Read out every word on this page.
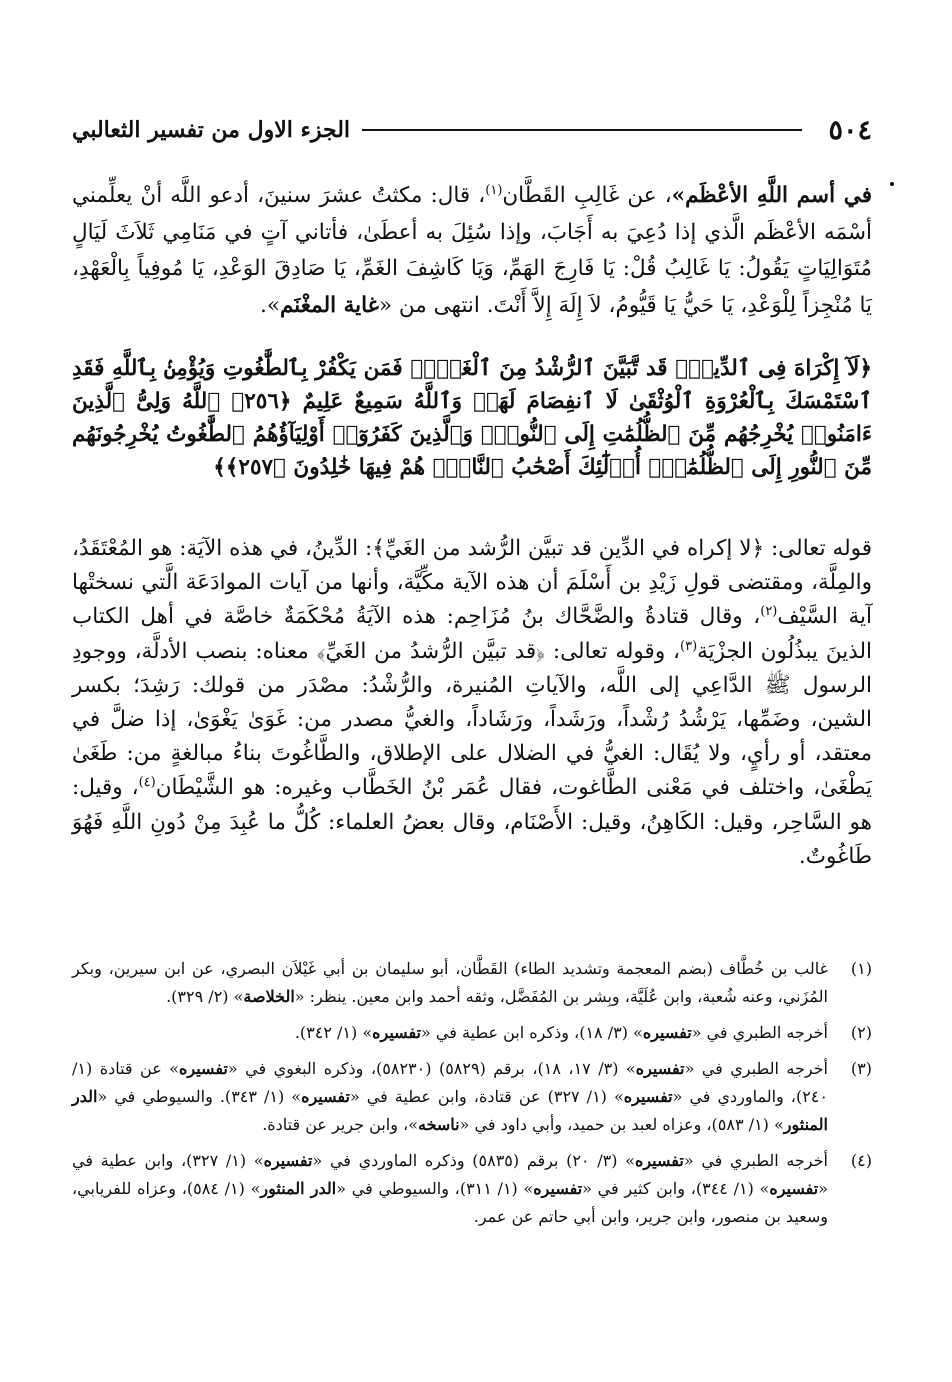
٥٠٤
الجزء الاول من تفسير الثعالبي
في أسم اللَّهِ الأعْظَم»، عن غَالِبِ القَطَّان$^{(١)}$، قال: مكثتُ عشرَ سنينَ، أدعو اللَّه أنْ يعلِّمني أسْمَه الأعْظَم الَّذي إذا دُعِيَ به أَجَابَ، وإذا سُئِلَ به أعطَىٰ، فأتاني آتٍ في مَنَامِي ثَلاَثَ لَيَالٍ مُتَوَالِيَاتٍ يَقُولُ: يَا غَالِبُ قُلْ: يَا فَارِجَ الهَمِّ، وَيَا كَاشِفَ الغَمِّ، يَا صَادِقَ الوَعْدِ، يَا مُوفِياً بِالْعَهْدِ، يَا مُنْجِزاً لِلْوَعْدِ، يَا حَيُّ يَا قَيُّومُ، لاَ إِلَهَ إِلاَّ أَنْتَ. انتهى من «غاية المغْنَم».
﴿لَآ إِكْرَاهَ فِى ٱلدِّينِۖ قَد تَّبَيَّنَ ٱلرُّشْدُ مِنَ ٱلْغَىِّۚ فَمَن يَكْفُرْ بِٱلطَّٰغُوتِ وَيُؤْمِنۢ بِٱللَّهِ فَقَدِ ٱسْتَمْسَكَ بِٱلْعُرْوَةِ ٱلْوُثْقَىٰ لَا ٱنفِصَامَ لَهَاۗ وَٱللَّهُ سَمِيعٌ عَلِيمٌ ﴿٢٥٦﴾ ٱللَّهُ وَلِىُّ ٱلَّذِينَ ءَامَنُوا۟ يُخْرِجُهُم مِّنَ ٱلظُّلُمَٰتِ إِلَى ٱلنُّورِۖ وَٱلَّذِينَ كَفَرُوٓا۟ أَوْلِيَآؤُهُمُ ٱلطَّٰغُوتُ يُخْرِجُونَهُم مِّنَ ٱلنُّورِ إِلَى ٱلظُّلُمَٰتِۗ أُو۟لَٰٓئِكَ أَصْحَٰبُ ٱلنَّارِۖ هُمْ فِيهَا خَٰلِدُونَ ﴿٢٥٧﴾﴾
قوله تعالى: ﴿لا إكراه في الدِّين قد تبيَّن الرُّشد من الغَيِّ﴾: الدِّينُ، في هذه الآيَة: هو المُعْتَقَدُ، والمِلَّة، ومقتضى قولِ زَيْدِ بن أَسْلَمَ أن هذه الآية مكِّيَّة، وأنها من آيات الموادَعَة الَّتي نسختْها آية السَّيْف$^{(٢)}$، وقال قتادةُ والضَّحَّاك بنُ مُزَاحِم: هذه الآيَةُ مُحْكَمَةٌ خاصَّة في أهل الكتاب الذينَ يبذُلُون الجزْيَة$^{(٣)}$، وقوله تعالى: ﴿قد تبيَّن الرُّشدُ من الغَيِّ﴾ معناه: بنصب الأدلَّة، ووجودِ الرسول ﷺ الدَّاعِي إلى اللَّه، والآياتِ المُنيرة، والرُّشْدُ: مصْدَر من قولك: رَشِدَ؛ بكسر الشين، وضَمِّها، يَرْشُدُ رُشْداً، ورَشَداً، ورَشَاداً، والغيُّ مصدر من: غَوَىٰ يَغْوَىٰ، إذا ضلَّ في معتقد، أو رأيٍ، ولا يُقَال: الغيُّ في الضلال على الإطلاق، والطَّاغُوتَ بناءُ مبالغةٍ من: طَغَىٰ يَطْغَىٰ، واختلف في مَعْنى الطَّاغوت، فقال عُمَر بْنُ الخَطَّاب وغيره: هو الشَّيْطَان$^{(٤)}$، وقيل: هو السَّاحِر، وقيل: الكَاهِنُ، وقيل: الأَصْنَام، وقال بعضُ العلماء: كُلُّ ما عُبِدَ مِنْ دُونِ اللَّهِ فَهُوَ طَاغُوتٌ.
(١)
غالب بن خُطَّاف (بضم المعجمة وتشديد الطاء) القَطَّان، أبو سليمان بن أبي غَيْلاَن البصري، عن ابن سيرين، وبكر المُزَني، وعنه شُعبة، وابن عُلَيَّة، وبِشر بن المُفَضَّل، وثقه أحمد وابن معين. ينظر: «الخلاصة» (٢/ ٣٢٩).
(٢)
أخرجه الطبري في «تفسيره» (٣/ ١٨)، وذكره ابن عطية في «تفسيره» (١/ ٣٤٢).
(٣)
أخرجه الطبري في «تفسيره» (٣/ ١٧، ١٨)، برقم (٥٨٢٩) (٥٨٢٣٠)، وذكره البغوي في «تفسيره» عن قتادة (١/ ٢٤٠)، والماوردي في «تفسيره» (١/ ٣٢٧) عن قتادة، وابن عطية في «تفسيره» (١/ ٣٤٣). والسيوطي في «الدر المنثور» (١/ ٥٨٣)، وعزاه لعبد بن حميد، وأبي داود في «ناسخه»، وابن جرير عن قتادة.
(٤)
أخرجه الطبري في «تفسيره» (٣/ ٢٠) برقم (٥٨٣٥) وذكره الماوردي في «تفسيره» (١/ ٣٢٧)، وابن عطية في «تفسيره» (١/ ٣٤٤)، وابن كثير في «تفسيره» (١/ ٣١١)، والسيوطي في «الدر المنثور» (١/ ٥٨٤)، وعزاه للفريابي، وسعيد بن منصور، وابن جرير، وابن أبي حاتم عن عمر.
